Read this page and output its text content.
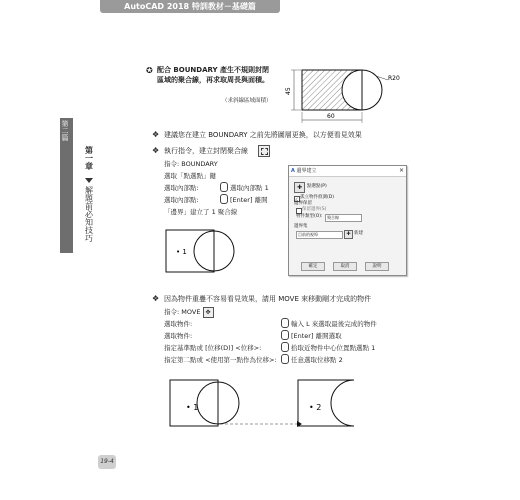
AutoCAD 2018 特訓教材－基礎篇
第二篇
第一章
解題前必知技巧
✪ 配合 BOUNDARY 產生不規則封閉
區域的聚合線，再求取周長與面積。
（求斜線區域面積）
45
60
R20
❖ 建議您在建立 BOUNDARY 之前先將圖層更換，以方便看見效果
❖ 執行指令，建立封閉聚合線
指令: BOUNDARY
選取「點選點」鍵
選取內部點:	選取內部點 1
選取內部點:	[Enter] 離開
「邊界」建立了 1 聚合線
• 1
A 邊界建立	×
✚	點選點(P)
✓ 孤立物件偵測(D)
邊界保留
保留邊界(S)
物件類型(O):	聚合線
邊界集
目前的視埠	✚ 新建
確定	取消	說明
❖ 因為物件重疊不容易看見效果，請用 MOVE 來移動剛才完成的物件
指令: MOVE ✥
選取物件:	輸入 L 來選取最後完成的物件
選取物件:	[Enter] 離開選取
指定基準點或 [位移(D)] <位移>:	拾取近物件中心位置點選點 1
指定第二點或 <使用第一點作為位移>: 任意選取位移點 2
• 1	• 2
19-4
